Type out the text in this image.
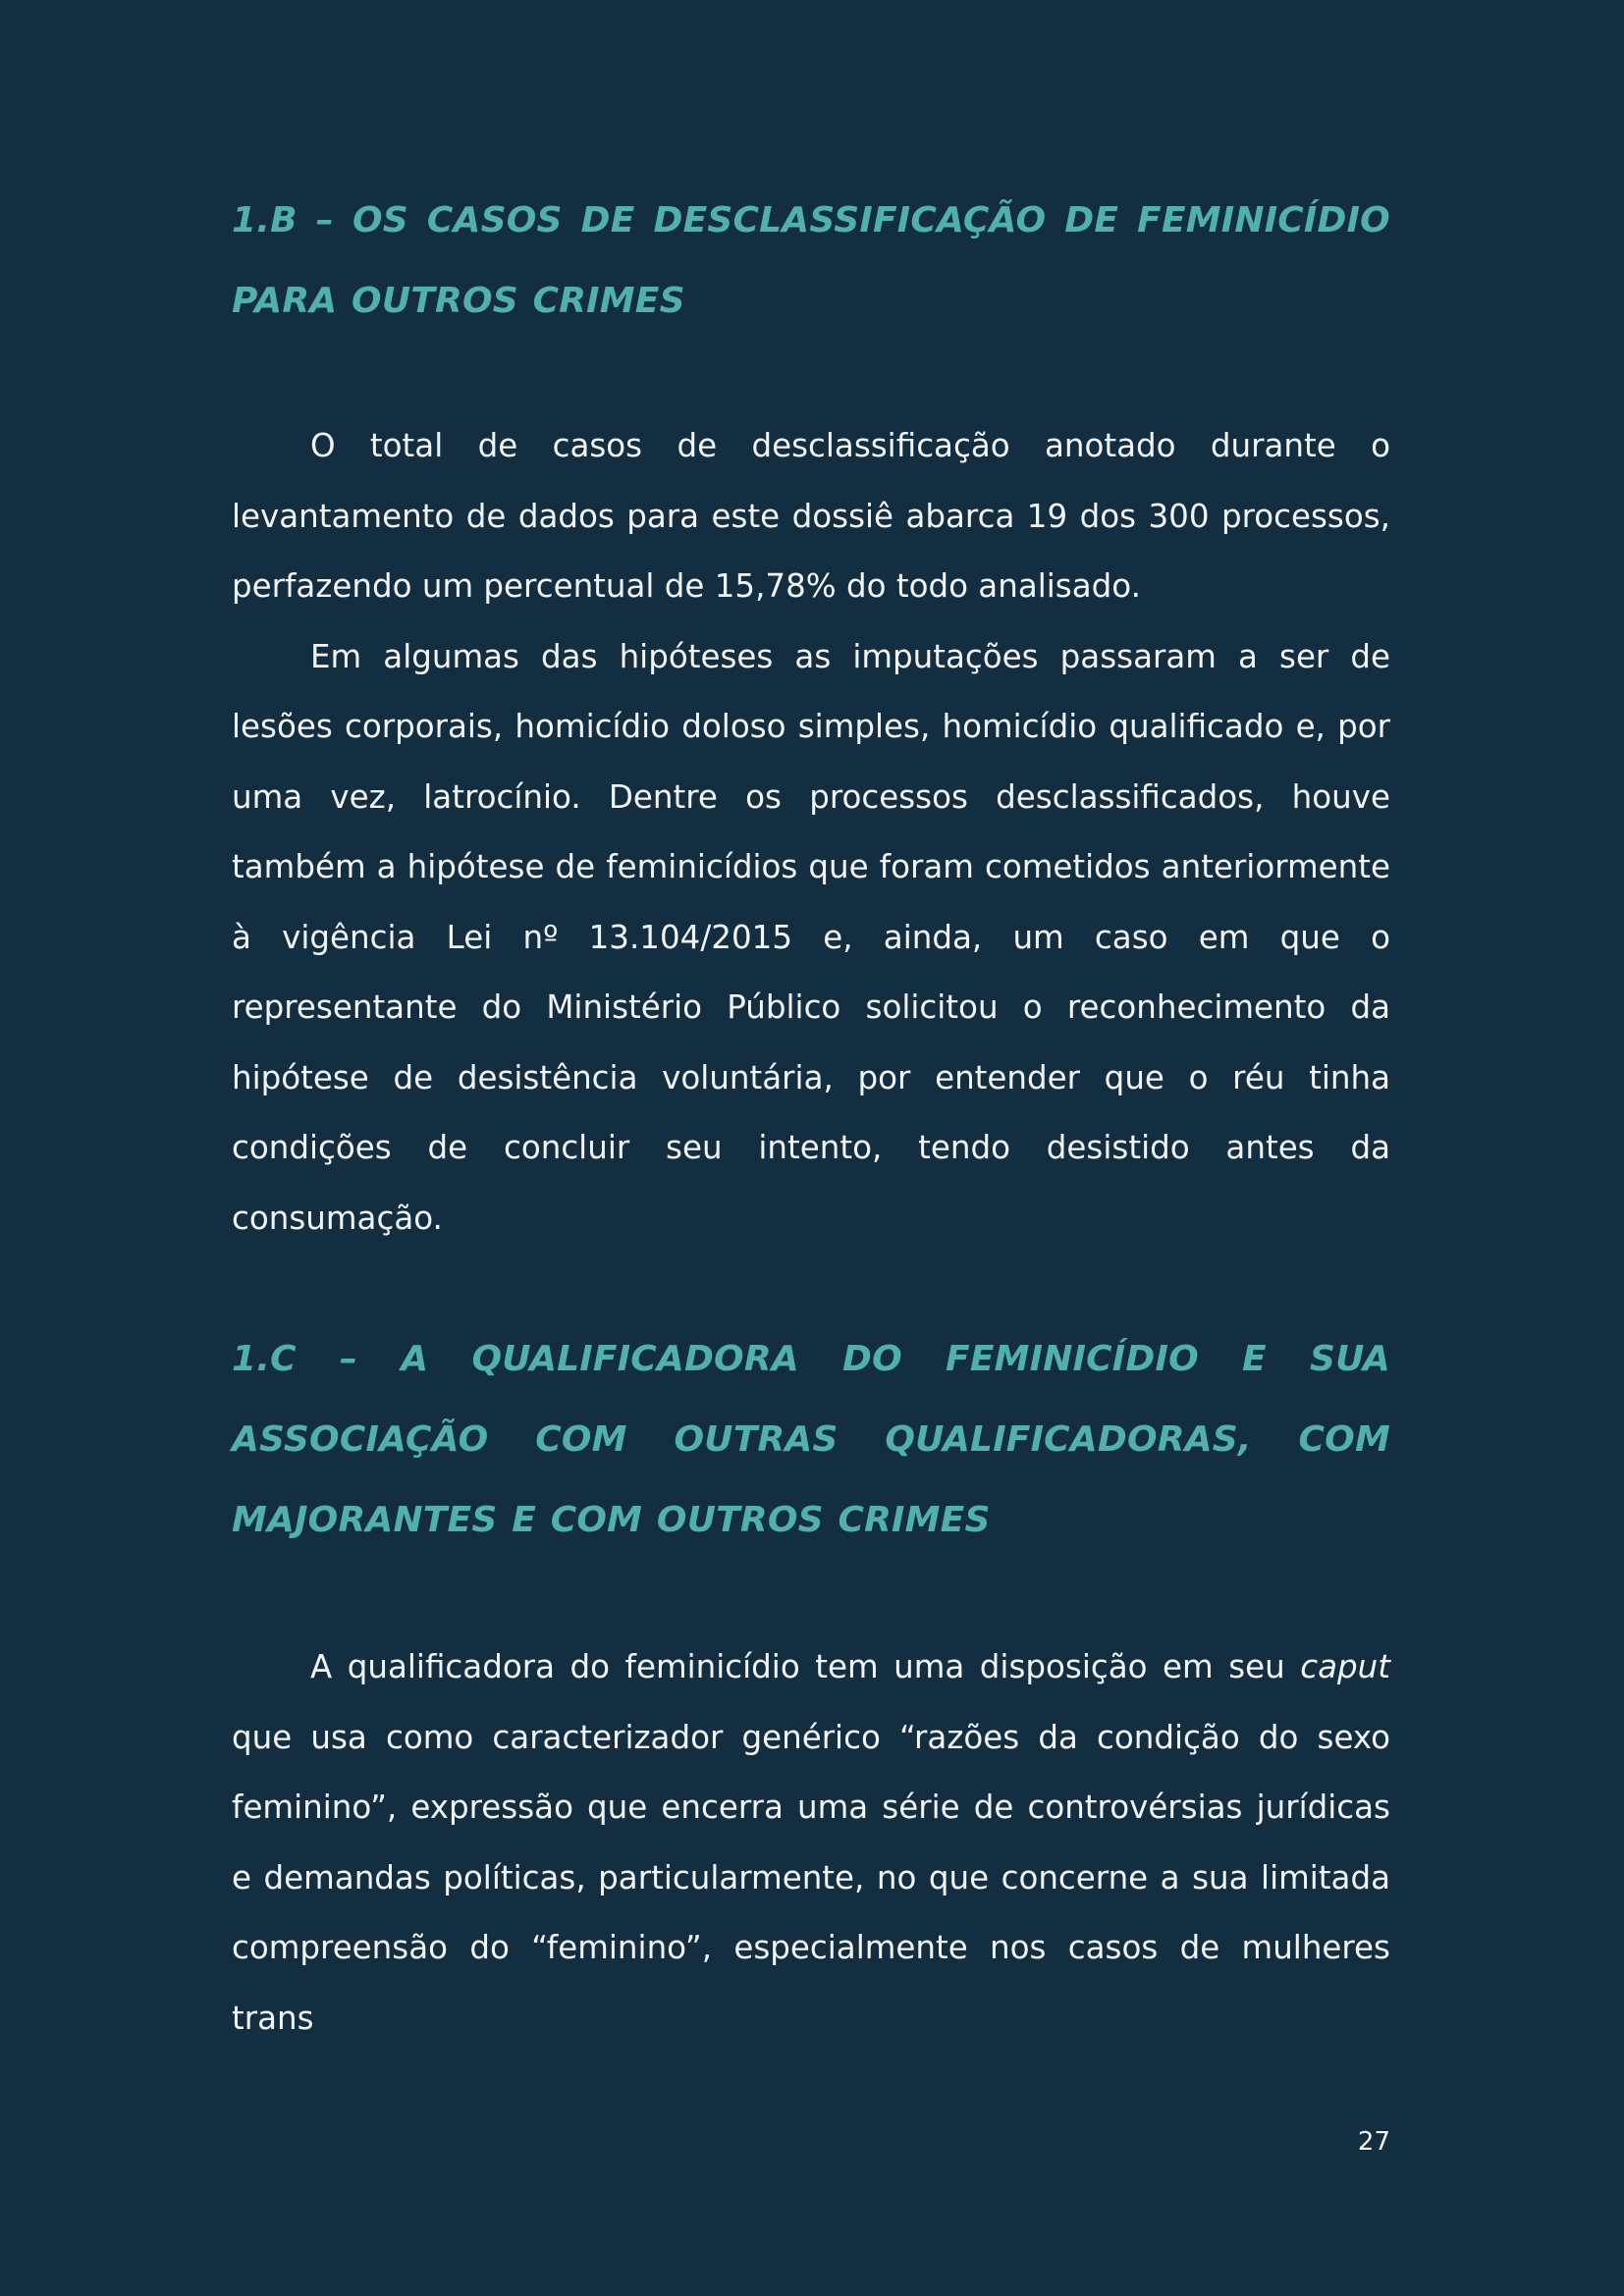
1.B – OS CASOS DE DESCLASSIFICAÇÃO DE FEMINICÍDIO PARA OUTROS CRIMES

O total de casos de desclassificação anotado durante o levantamento de dados para este dossiê abarca 19 dos 300 processos, perfazendo um percentual de 15,78% do todo analisado.

Em algumas das hipóteses as imputações passaram a ser de lesões corporais, homicídio doloso simples, homicídio qualificado e, por uma vez, latrocínio. Dentre os processos desclassificados, houve também a hipótese de feminicídios que foram cometidos anteriormente à vigência Lei nº 13.104/2015 e, ainda, um caso em que o representante do Ministério Público solicitou o reconhecimento da hipótese de desistência voluntária, por entender que o réu tinha condições de concluir seu intento, tendo desistido antes da consumação.

1.C – A QUALIFICADORA DO FEMINICÍDIO E SUA ASSOCIAÇÃO COM OUTRAS QUALIFICADORAS, COM MAJORANTES E COM OUTROS CRIMES

A qualificadora do feminicídio tem uma disposição em seu caput que usa como caracterizador genérico “razões da condição do sexo feminino”, expressão que encerra uma série de controvérsias jurídicas e demandas políticas, particularmente, no que concerne a sua limitada compreensão do “feminino”, especialmente nos casos de mulheres trans

27
